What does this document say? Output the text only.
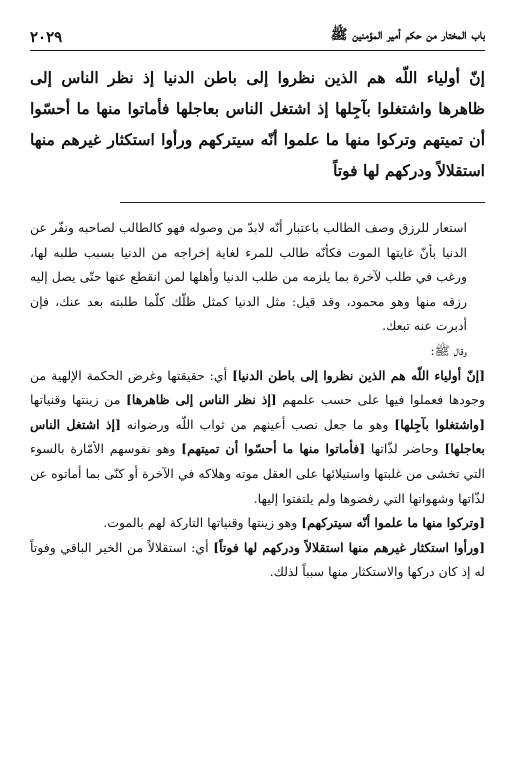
باب المختار من حكم أمير المؤمنين ﷺ
٢٠٢٩
إنّ أولياء اللّه هم الذين نظروا إلى باطن الدنيا إذ نظر الناس إلى ظاهرها واشتغلوا بآجِلها إذ اشتغل الناس بعاجلها فأماتوا منها ما أحسّوا أن تميتهم وتركوا منها ما علموا أنّه سيتركهم ورأوا استكثار غيرهم منها استقلالاً ودركهم لها فوتاً

استعار للرزق وصف الطالب باعتبار أنّه لابدّ من وصوله فهو كالطالب لصاحبه ونفّر عن الدنيا بأنّ غايتها الموت فكأنّه طالب للمرء لغاية إخراجه من الدنيا بسبب طلبه لها، ورغب في طلب لآخرة بما يلزمه من طلب الدنيا وأهلها لمن انقطع عنها حتّى يصل إليه رزقه منها وهو محمود، وقد قيل: مثل الدنيا كمثل ظلّك كلّما طلبته بعد عنك، فإن أدبرت عنه تبعك.

وقال ﷺ:

[إنّ أولياء اللّه هم الذين نظروا إلى باطن الدنيا] أي: حقيقتها وغرض الحكمة الإلهية من وجودها فعملوا فيها على حسب علمهم [إذ نظر الناس إلى ظاهرها] من زينتها وقنياتها [واشتغلوا بآجِلها] وهو ما جعل نصب أعينهم من ثواب اللّه ورضوانه [إذ اشتغل الناس بعاجلها] وحاضر لذّاتها [فأماتوا منها ما أحسّوا أن تميتهم] وهو نفوسهم الأمّارة بالسوء التي تخشى من غلبتها واستيلائها على العقل موته وهلاكه في الآخرة أو كنّى بما أماتوه عن لذّاتها وشهواتها التي رفضوها ولم يلتفتوا إليها.

[وتركوا منها ما علموا أنّه سيتركهم] وهو زينتها وقنياتها التاركة لهم بالموت.

[ورأوا استكثار غيرهم منها استقلالاً ودركهم لها فوتاً] أي: استقلالاً من الخير الباقي وفوتاً له إذ كان دركها والاستكثار منها سبباً لذلك.
